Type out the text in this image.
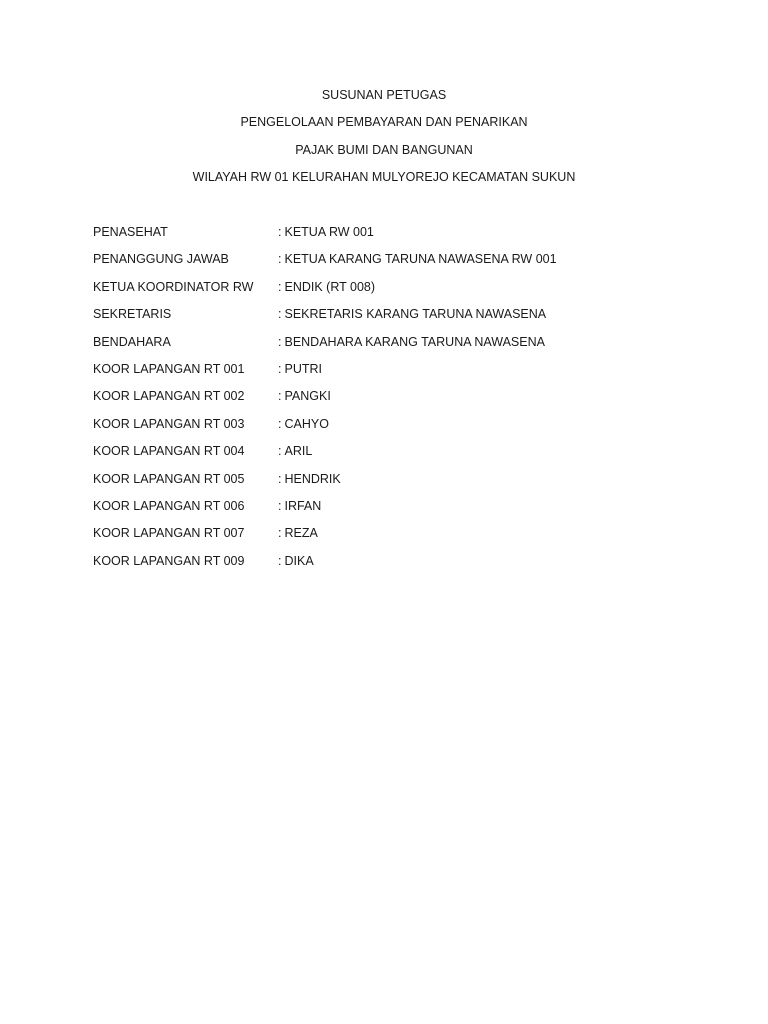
SUSUNAN PETUGAS
PENGELOLAAN PEMBAYARAN DAN PENARIKAN
PAJAK BUMI DAN BANGUNAN
WILAYAH RW 01 KELURAHAN MULYOREJO KECAMATAN SUKUN
PENASEHAT	: KETUA RW 001
PENANGGUNG JAWAB	: KETUA KARANG TARUNA NAWASENA RW 001
KETUA KOORDINATOR RW	: ENDIK (RT 008)
SEKRETARIS	: SEKRETARIS KARANG TARUNA NAWASENA
BENDAHARA	: BENDAHARA KARANG TARUNA NAWASENA
KOOR LAPANGAN RT 001	: PUTRI
KOOR LAPANGAN RT 002	: PANGKI
KOOR LAPANGAN RT 003	: CAHYO
KOOR LAPANGAN RT 004	: ARIL
KOOR LAPANGAN RT 005	: HENDRIK
KOOR LAPANGAN RT 006	: IRFAN
KOOR LAPANGAN RT 007	: REZA
KOOR LAPANGAN RT 009	: DIKA
